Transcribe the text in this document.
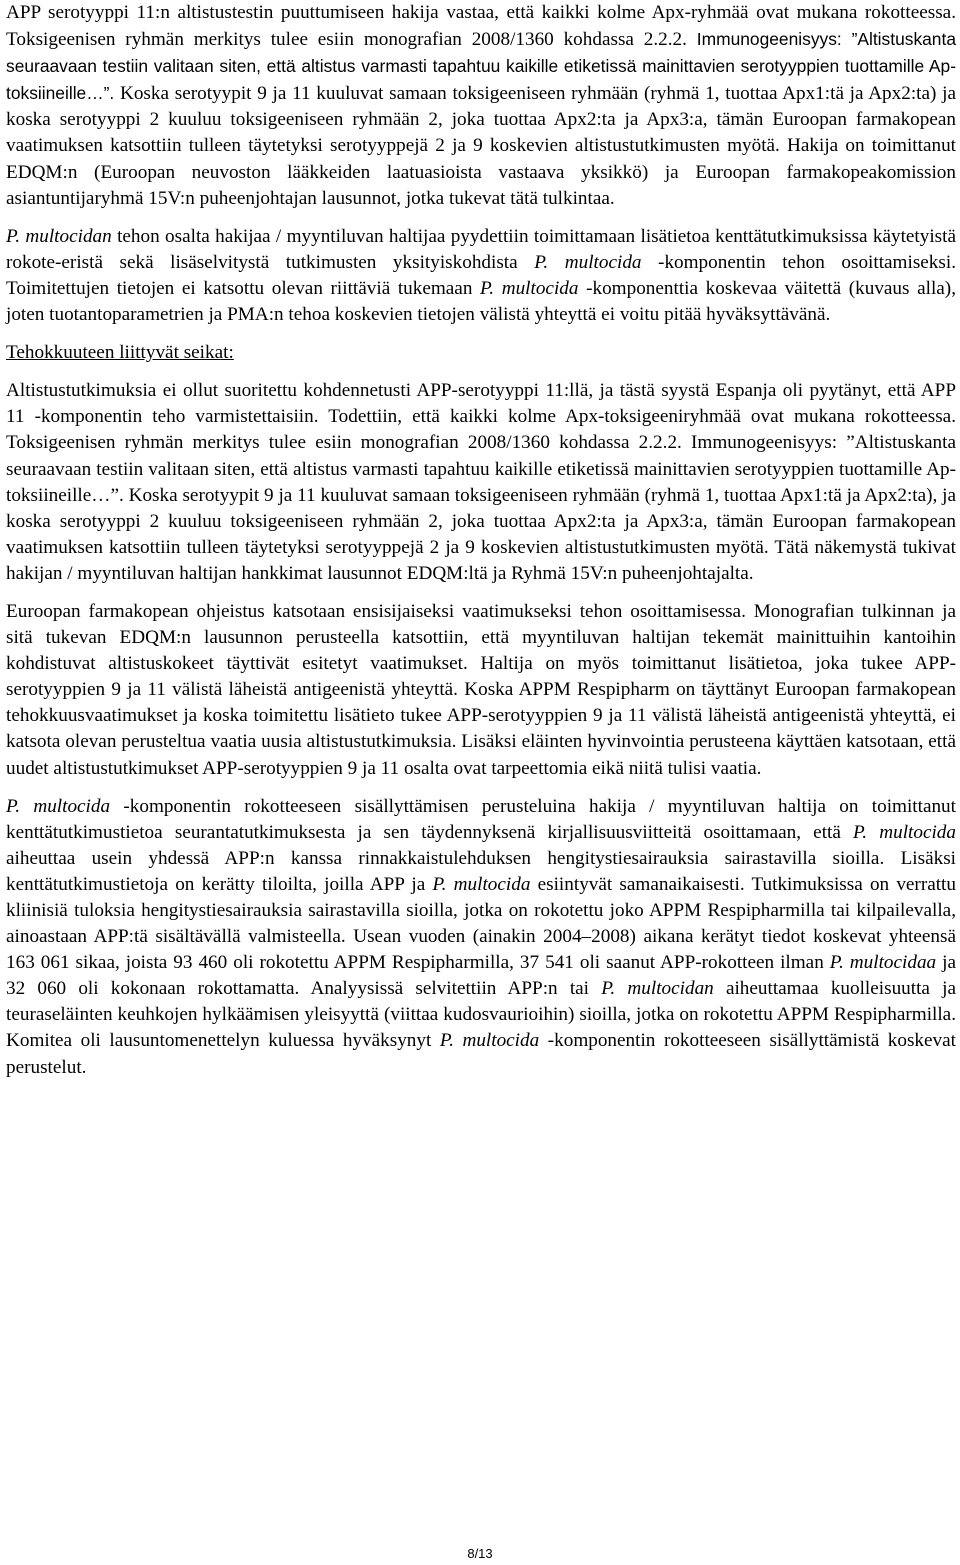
APP serotyyppi 11:n altistustestin puuttumiseen hakija vastaa, että kaikki kolme Apx-ryhmää ovat mukana rokotteessa. Toksigeenisen ryhmän merkitys tulee esiin monografian 2008/1360 kohdassa 2.2.2. Immunogeenisyys: ”Altistuskanta seuraavaan testiin valitaan siten, että altistus varmasti tapahtuu kaikille etiketissä mainittavien serotyyppien tuottamille Ap-toksiineille…”. Koska serotyypit 9 ja 11 kuuluvat samaan toksigeeniseen ryhmään (ryhmä 1, tuottaa Apx1:tä ja Apx2:ta) ja koska serotyyppi 2 kuuluu toksigeeniseen ryhmään 2, joka tuottaa Apx2:ta ja Apx3:a, tämän Euroopan farmakopean vaatimuksen katsottiin tulleen täytetyksi serotyyppejä 2 ja 9 koskevien altistustutkimusten myötä. Hakija on toimittanut EDQM:n (Euroopan neuvoston lääkkeiden laatuasioista vastaava yksikkö) ja Euroopan farmakopeakomission asiantuntijaryhmä 15V:n puheenjohtajan lausunnot, jotka tukevat tätä tulkintaa.

P. multocidan tehon osalta hakijaa / myyntiluvan haltijaa pyydettiin toimittamaan lisätietoa kenttätutkimuksissa käytetyistä rokote-eristä sekä lisäselvitystä tutkimusten yksityiskohdista P. multocida -komponentin tehon osoittamiseksi. Toimitettujen tietojen ei katsottu olevan riittäviä tukemaan P. multocida -komponenttia koskevaa väitettä (kuvaus alla), joten tuotantoparametrien ja PMA:n tehoa koskevien tietojen välistä yhteyttä ei voitu pitää hyväksyttävänä.

Tehokkuuteen liittyvät seikat:

Altistustutkimuksia ei ollut suoritettu kohdennetusti APP-serotyyppi 11:llä, ja tästä syystä Espanja oli pyytänyt, että APP 11 -komponentin teho varmistettaisiin. Todettiin, että kaikki kolme Apx-toksigeeniryhmää ovat mukana rokotteessa. Toksigeenisen ryhmän merkitys tulee esiin monografian 2008/1360 kohdassa 2.2.2. Immunogeenisyys: ”Altistuskanta seuraavaan testiin valitaan siten, että altistus varmasti tapahtuu kaikille etiketissä mainittavien serotyyppien tuottamille Ap-toksiineille…”. Koska serotyypit 9 ja 11 kuuluvat samaan toksigeeniseen ryhmään (ryhmä 1, tuottaa Apx1:tä ja Apx2:ta), ja koska serotyyppi 2 kuuluu toksigeeniseen ryhmään 2, joka tuottaa Apx2:ta ja Apx3:a, tämän Euroopan farmakopean vaatimuksen katsottiin tulleen täytetyksi serotyyppejä 2 ja 9 koskevien altistustutkimusten myötä. Tätä näkemystä tukivat hakijan / myyntiluvan haltijan hankkimat lausunnot EDQM:ltä ja Ryhmä 15V:n puheenjohtajalta.

Euroopan farmakopean ohjeistus katsotaan ensisijaiseksi vaatimukseksi tehon osoittamisessa. Monografian tulkinnan ja sitä tukevan EDQM:n lausunnon perusteella katsottiin, että myyntiluvan haltijan tekemät mainittuihin kantoihin kohdistuvat altistuskokeet täyttivät esitetyt vaatimukset. Haltija on myös toimittanut lisätietoa, joka tukee APP-serotyyppien 9 ja 11 välistä läheistä antigeenistä yhteyttä. Koska APPM Respipharm on täyttänyt Euroopan farmakopean tehokkuusvaatimukset ja koska toimitettu lisätieto tukee APP-serotyyppien 9 ja 11 välistä läheistä antigeenistä yhteyttä, ei katsota olevan perusteltua vaatia uusia altistustutkimuksia. Lisäksi eläinten hyvinvointia perusteena käyttäen katsotaan, että uudet altistustutkimukset APP-serotyyppien 9 ja 11 osalta ovat tarpeettomia eikä niitä tulisi vaatia.

P. multocida -komponentin rokotteeseen sisällyttämisen perusteluina hakija / myyntiluvan haltija on toimittanut kenttätutkimustietoa seurantatutkimuksesta ja sen täydennyksenä kirjallisuusviitteitä osoittamaan, että P. multocida aiheuttaa usein yhdessä APP:n kanssa rinnakkaistulehduksen hengitystiesairauksia sairastavilla sioilla. Lisäksi kenttätutkimustietoja on kerätty tiloilta, joilla APP ja P. multocida esiintyvät samanaikaisesti. Tutkimuksissa on verrattu kliinisiä tuloksia hengitystiesairauksia sairastavilla sioilla, jotka on rokotettu joko APPM Respipharmilla tai kilpailevalla, ainoastaan APP:tä sisältävällä valmisteella. Usean vuoden (ainakin 2004–2008) aikana kerätyt tiedot koskevat yhteensä 163 061 sikaa, joista 93 460 oli rokotettu APPM Respipharmilla, 37 541 oli saanut APP-rokotteen ilman P. multocidaa ja 32 060 oli kokonaan rokottamatta. Analyysissä selvitettiin APP:n tai P. multocidan aiheuttamaa kuolleisuutta ja teuraseläinten keuhkojen hylkäämisen yleisyyttä (viittaa kudosvaurioihin) sioilla, jotka on rokotettu APPM Respipharmilla. Komitea oli lausuntomenettelyn kuluessa hyväksynyt P. multocida -komponentin rokotteeseen sisällyttämistä koskevat perustelut.

8/13
